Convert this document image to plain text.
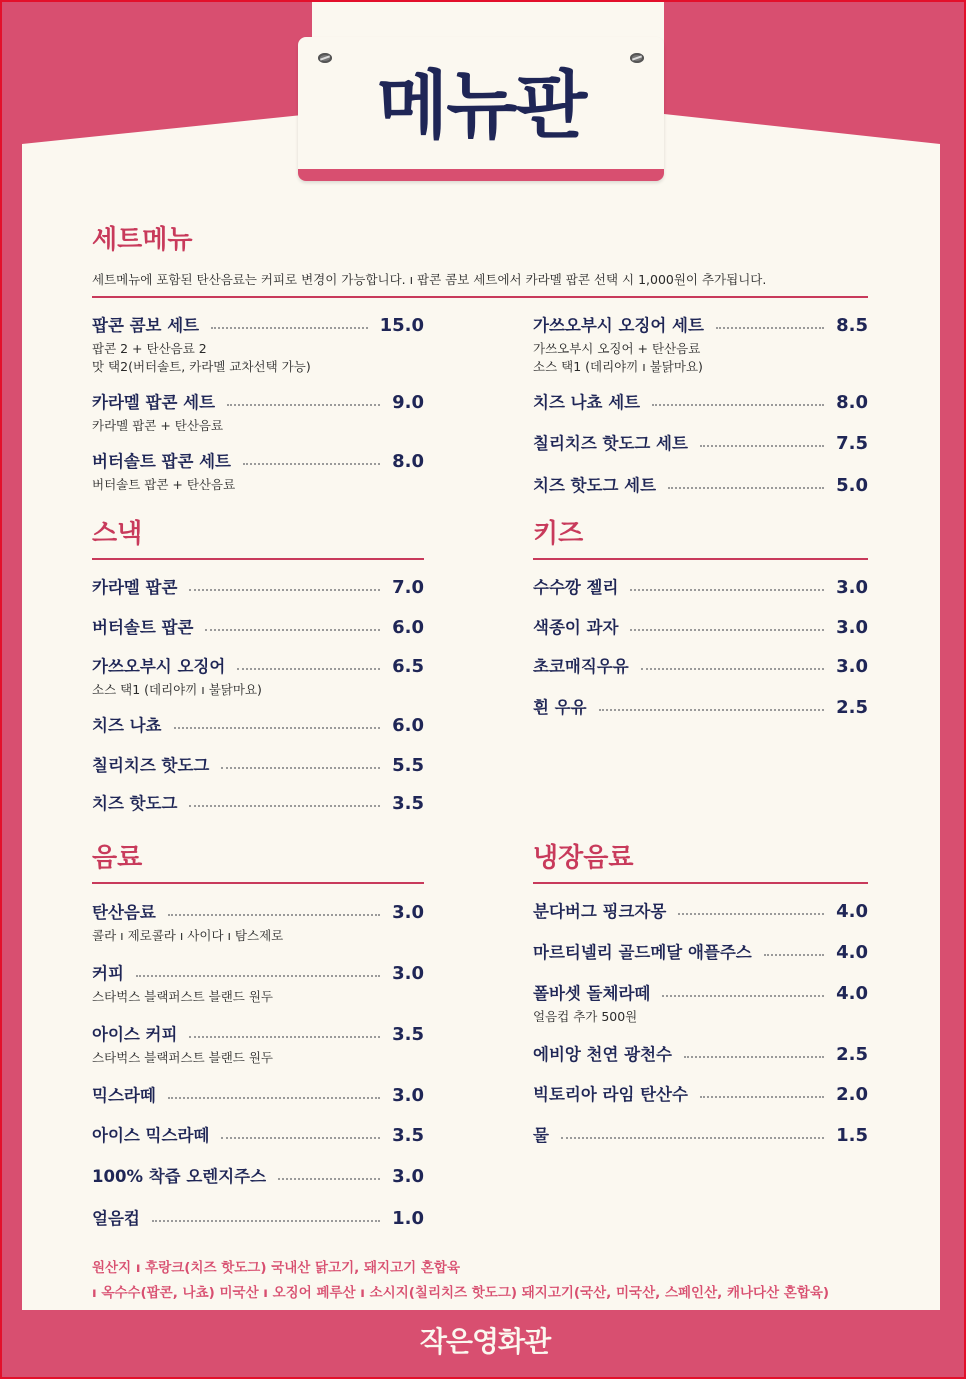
메뉴판
세트메뉴
세트메뉴에 포함된 탄산음료는 커피로 변경이 가능합니다. ı 팝콘 콤보 세트에서 카라멜 팝콘 선택 시 1,000원이 추가됩니다.
스낵	키즈
음료	냉장음료
팝콘 콤보 세트	15.0
팝콘 2 + 탄산음료 2
맛 택2(버터솔트, 카라멜 교차선택 가능)
카라멜 팝콘 세트	9.0
카라멜 팝콘 + 탄산음료
버터솔트 팝콘 세트	8.0
버터솔트 팝콘 + 탄산음료
가쓰오부시 오징어 세트	8.5
가쓰오부시 오징어 + 탄산음료
소스 택1 (데리야끼 ı 불닭마요)
치즈 나쵸 세트	8.0
칠리치즈 핫도그 세트	7.5
치즈 핫도그 세트	5.0
카라멜 팝콘	7.0
버터솔트 팝콘	6.0
가쓰오부시 오징어	6.5
소스 택1 (데리야끼 ı 불닭마요)
치즈 나쵸	6.0
칠리치즈 핫도그	5.5
치즈 핫도그	3.5
수수깡 젤리	3.0
색종이 과자	3.0
초코매직우유	3.0
흰 우유	2.5
탄산음료	3.0
콜라 ı 제로콜라 ı 사이다 ı 탐스제로
커피	3.0
스타벅스 블랙퍼스트 블랜드 원두
아이스 커피	3.5
스타벅스 블랙퍼스트 블랜드 원두
믹스라떼	3.0
아이스 믹스라떼	3.5
100% 착즙 오렌지주스	3.0
얼음컵	1.0
분다버그 핑크자몽	4.0
마르티넬리 골드메달 애플주스	4.0
폴바셋 돌체라떼	4.0
얼음컵 추가 500원
에비앙 천연 광천수	2.5
빅토리아 라임 탄산수	2.0
물	1.5
원산지 ı 후랑크(치즈 핫도그) 국내산 닭고기, 돼지고기 혼합육
ı 옥수수(팝콘, 나쵸) 미국산 ı 오징어 페루산 ı 소시지(칠리치즈 핫도그) 돼지고기(국산, 미국산, 스페인산, 캐나다산 혼합육)
작은영화관
